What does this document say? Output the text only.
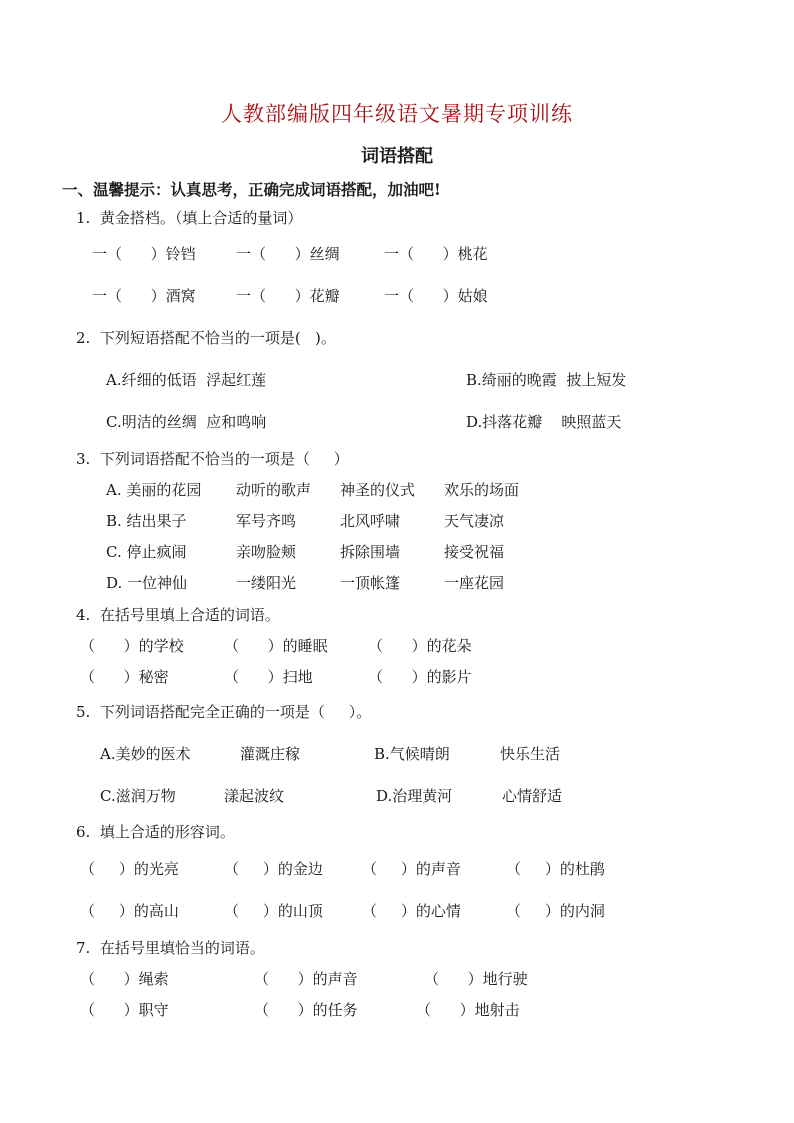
人教部编版四年级语文暑期专项训练
词语搭配
一、温馨提示：认真思考，正确完成词语搭配，加油吧!
1.  黄金搭档。（填上合适的量词）
一（      ）铃铛	一（      ）丝绸	一（      ）桃花
一（      ）酒窝	一（      ）花瓣	一（      ）姑娘
2.  下列短语搭配不恰当的一项是(   )。
A.纤细的低语  浮起红莲	B.绮丽的晚霞  披上短发
C.明洁的丝绸  应和鸣响	D.抖落花瓣    映照蓝天
3.  下列词语搭配不恰当的一项是（     ）
A. 美丽的花园 动听的歌声 神圣的仪式 欢乐的场面
B. 结出果子	军号齐鸣	北风呼啸	天气凄凉
C. 停止疯闹	亲吻脸颊	拆除围墙	接受祝福
D. 一位神仙	一缕阳光	一顶帐篷	一座花园
4.  在括号里填上合适的词语。
（      ）的学校	（      ）的睡眠	（      ）的花朵
（      ）秘密	（      ）扫地	（      ）的影片
5.  下列词语搭配完全正确的一项是（     ）。
A.美妙的医术	灌溉庄稼	B.气候晴朗	快乐生活
C.滋润万物	漾起波纹	D.治理黄河	心情舒适
6.  填上合适的形容词。
（     ）的光亮	（     ）的金边	（     ）的声音	（     ）的杜鹃
（     ）的高山	（     ）的山顶	（     ）的心情	（     ）的内洞
7.  在括号里填恰当的词语。
（      ）绳索	（      ）的声音	（      ）地行驶
（      ）职守	（      ）的任务	（      ）地射击
